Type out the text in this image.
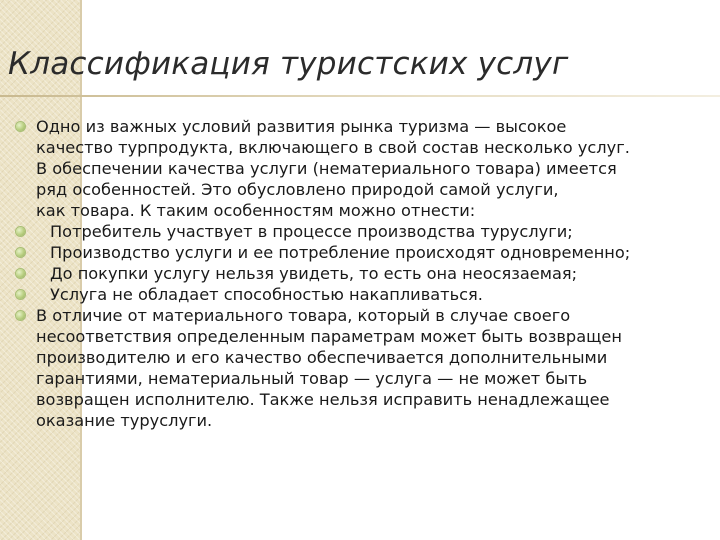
Классификация туристских услуг
Одно из важных условий развития рынка туризма — высокое
качество турпродукта, включающего в свой состав несколько услуг.
В обеспечении качества услуги (нематериального товара) имеется
ряд особенностей. Это обусловлено природой самой услуги,
как товара. К таким особенностям можно отнести:
Потребитель участвует в процессе производства туруслуги;
Производство услуги и ее потребление происходят одновременно;
До покупки услугу нельзя увидеть, то есть она неосязаемая;
Услуга не обладает способностью накапливаться.
В отличие от материального товара, который в случае своего
несоответствия определенным параметрам может быть возвращен
производителю и его качество обеспечивается дополнительными
гарантиями, нематериальный товар — услуга — не может быть
возвращен исполнителю. Также нельзя исправить ненадлежащее
оказание туруслуги.
